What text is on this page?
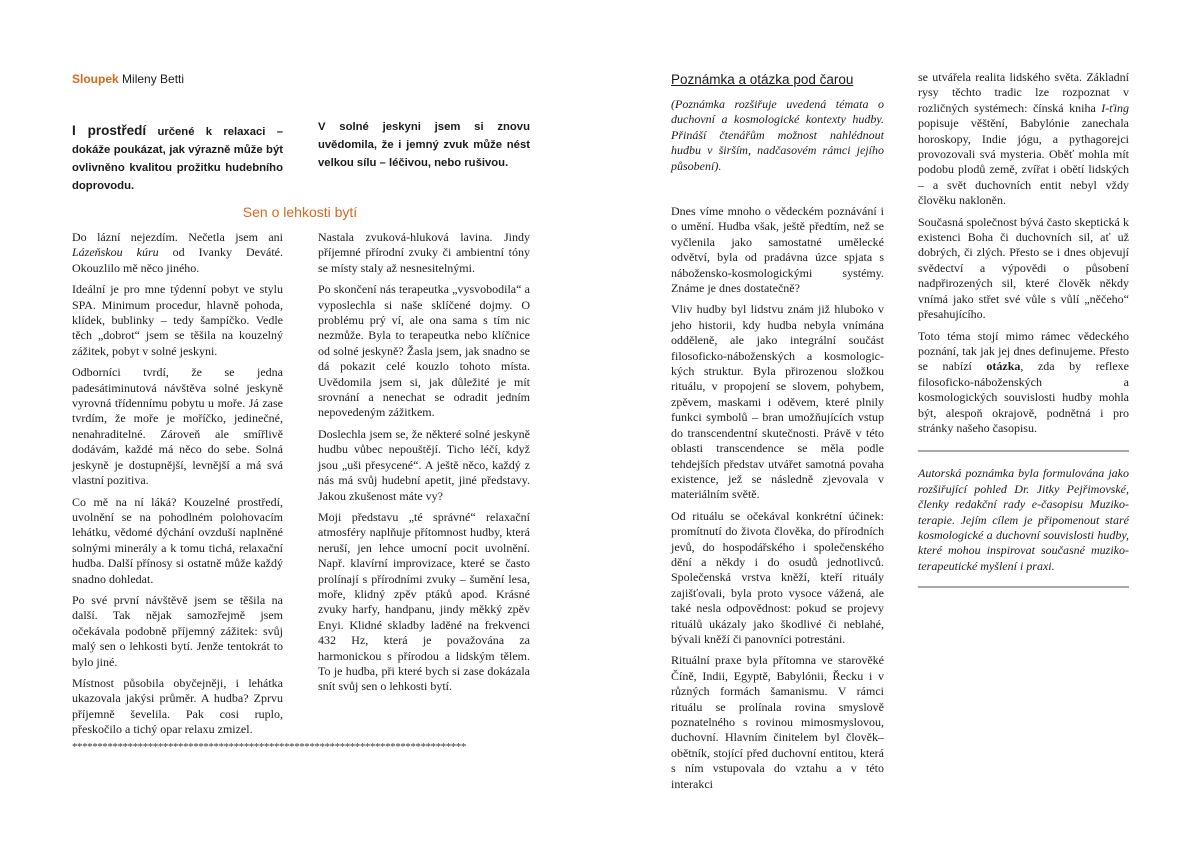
Sloupek Mileny Betti
I prostředí určené k relaxaci – dokáže poukázat, jak výrazně může být ovlivněno kvalitou prožitku hudebního doprovodu.
V solné jeskyni jsem si znovu uvědomila, že i jemný zvuk může nést velkou sílu – léčivou, nebo rušivou.
Sen o lehkosti bytí

Do lázní nejezdím. Nečetla jsem ani Lázeňskou kúru od Ivanky Deváté. Okouzlilo mě něco jiného.

Ideální je pro mne týdenní pobyt ve stylu SPA. Minimum procedur, hlavně pohoda, klídek, bublinky – tedy šampíčko. Vedle těch „dobrot“ jsem se těšila na kouzelný zážitek, pobyt v solné jeskyni.

Odborníci tvrdí, že se jedna padesátiminutová návštěva solné jeskyně vyrovná třídennímu pobytu u moře. Já zase tvrdím, že moře je moříčko, jedinečné, nenahraditelné. Zároveň ale smířlivě dodávám, každé má něco do sebe. Solná jeskyně je dostupnější, levnější a má svá vlastní pozitiva.

Co mě na ní láká? Kouzelné prostředí, uvolnění se na pohodlném polohovacím lehátku, vědomé dýchání ovzduší naplněné solnými minerály a k tomu tichá, relaxační hudba. Další přínosy si ostatně může každý snadno dohledat.

Po své první návštěvě jsem se těšila na další. Tak nějak samozřejmě jsem očekávala podobně příjemný zážitek: svůj malý sen o lehkosti bytí. Jenže tentokrát to bylo jiné.

Místnost působila obyčejněji, i lehátka ukazovala jakýsi průměr. A hudba? Zprvu příjemně ševelila. Pak cosi ruplo, přeskočilo a tichý opar relaxu zmizel.

Nastala zvuková-hluková lavina. Jindy příjemné přírodní zvuky či ambientní tóny se místy staly až nesnesitelnými.

Po skončení nás terapeutka „vysvobodila“ a vyposlechla si naše sklíčené dojmy. O problému prý ví, ale ona sama s tím nic nezmůže. Byla to terapeutka nebo klíčnice od solné jeskyně? Žasla jsem, jak snadno se dá pokazit celé kouzlo tohoto místa. Uvědomila jsem si, jak důležité je mít srovnání a nenechat se odradit jedním nepovedeným zážitkem.

Doslechla jsem se, že některé solné jeskyně hudbu vůbec nepouštějí. Ticho léčí, když jsou „uši přesycené“. A ještě něco, každý z nás má svůj hudební apetit, jiné představy. Jakou zkušenost máte vy?

Moji představu „té správné“ relaxační atmosféry naplňuje přítomnost hudby, která neruší, jen lehce umocní pocit uvolnění. Např. klavírní improvizace, které se často prolínají s přírodními zvuky – šumění lesa, moře, klidný zpěv ptáků apod. Krásné zvuky harfy, handpanu, jindy měkký zpěv Enyi. Klidné skladby laděné na frekvenci 432 Hz, která je považována za harmonickou s přírodou a lidským tělem. To je hudba, při které bych si zase dokázala snít svůj sen o lehkosti bytí.

******************************************************************************
Poznámka a otázka pod čarou
(Poznámka rozšiřuje uvedená témata o duchovní a kosmologické kontexty hudby. Přináší čtenářům možnost nahlédnout hudbu v širším, nadčasovém rámci jejího působení).

Dnes víme mnoho o vědeckém poznávání i o umění. Hudba však, ještě předtím, než se vyčlenila jako samostatné umělecké odvětví, byla od pradávna úzce spjata s nábožensko-kosmologickými systémy. Známe je dnes dostatečně?

Vliv hudby byl lidstvu znám již hluboko v jeho historii, kdy hudba nebyla vnímána odděleně, ale jako integrální součást filosoficko-náboženských a kosmologických struktur. Byla přirozenou složkou rituálu, v propojení se slovem, pohybem, zpěvem, maskami i oděvem, které plnily funkci symbolů – bran umožňujících vstup do transcendentní skutečnosti. Právě v této oblasti transcendence se měla podle tehdejších představ utvářet samotná povaha existence, jež se následně zjevovala v materiálním světě.

Od rituálu se očekával konkrétní účinek: promítnutí do života člověka, do přírodních jevů, do hospodářského i společenského dění a někdy i do osudů jednotlivců. Společenská vrstva kněží, kteří rituály zajišťovali, byla proto vysoce vážená, ale také nesla odpovědnost: pokud se projevy rituálů ukázaly jako škodlivé či neblahé, bývali kněží či panovníci potrestáni.

Rituální praxe byla přítomna ve starověké Číně, Indii, Egyptě, Babylónii, Řecku i v různých formách šamanismu. V rámci rituálu se prolínala rovina smyslově poznatelného s rovinou mimosmyslovou, duchovní. Hlavním činitelem byl člověk–obětník, stojící před duchovní entitou, která s ním vstupovala do vztahu a v této interakci

se utvářela realita lidského světa. Základní rysy těchto tradic lze rozpoznat v rozličných systémech: čínská kniha I-ťing popisuje věštění, Babylónie zanechala horoskopy, Indie jógu, a pythagorejci provozovali svá mysteria. Oběť mohla mít podobu plodů země, zvířat i obětí lidských – a svět duchovních entit nebyl vždy člověku nakloněn.

Současná společnost bývá často skeptická k existenci Boha či duchovních sil, ať už dobrých, či zlých. Přesto se i dnes objevují svědectví a výpovědi o působení nadpřirozených sil, které člověk někdy vnímá jako střet své vůle s vůlí „něčeho“ přesahujícího.

Toto téma stojí mimo rámec vědeckého poznání, tak jak jej dnes definujeme. Přesto se nabízí otázka, zda by reflexe filosoficko-náboženských a kosmologických souvislosti hudby mohla být, alespoň okrajově, podnětná i pro stránky našeho časopisu.

Autorská poznámka byla formulována jako rozšiřující pohled Dr. Jitky Pejřimovské, členky redakční rady e-časopisu Muzikoterapie. Jejím cílem je připomenout staré kosmologické a duchovní souvislosti hudby, které mohou inspirovat současné muzikoterapeutické myšlení i praxi.
